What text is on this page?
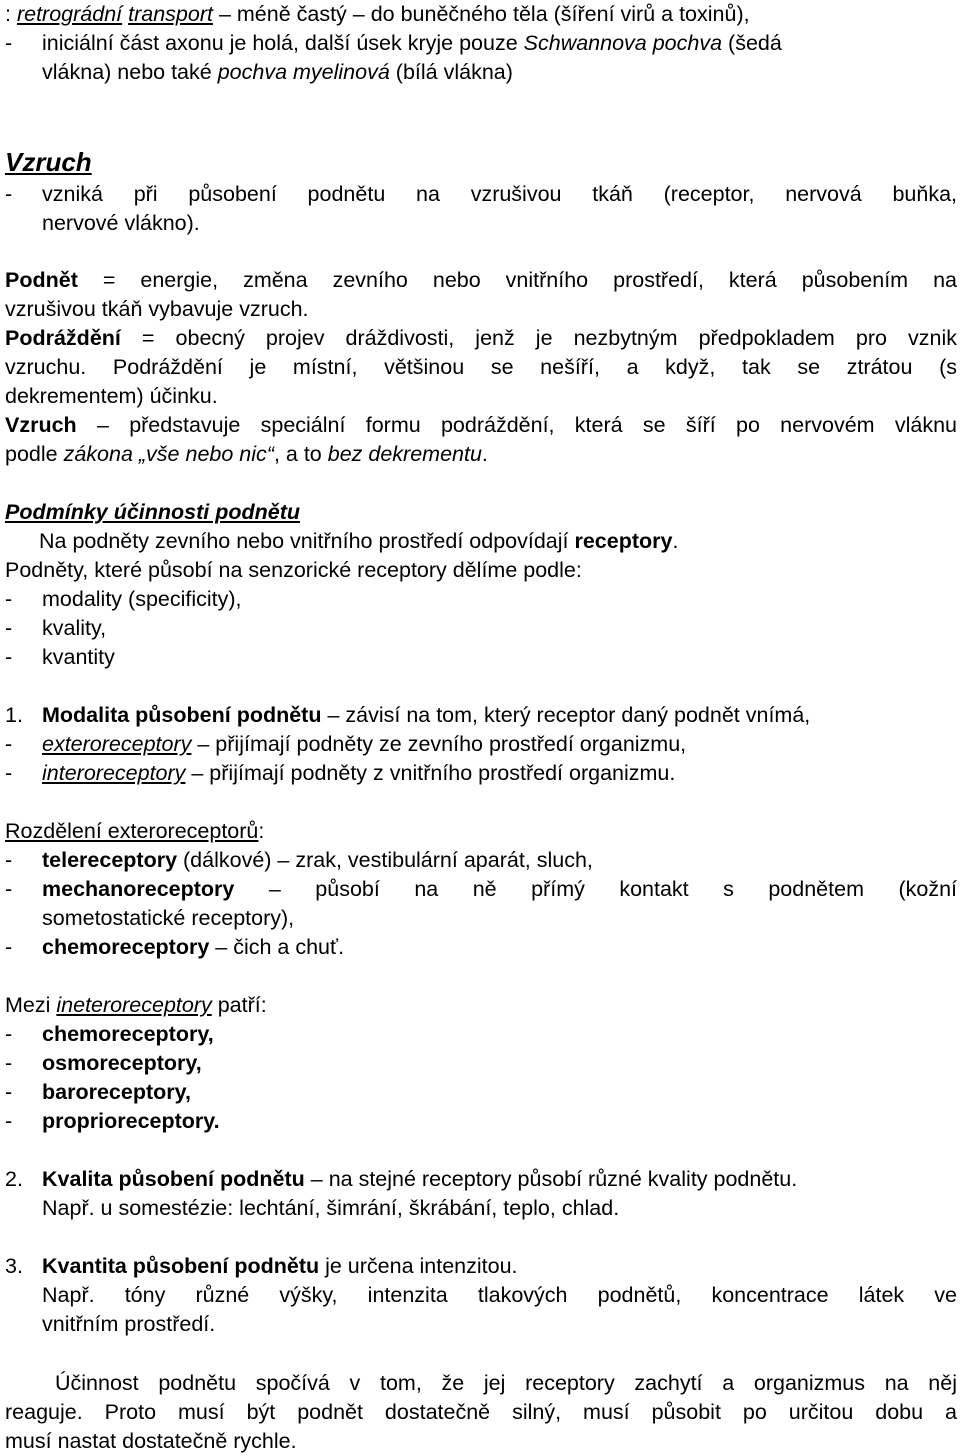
: retrográdní transport – méně častý – do buněčného těla (šíření virů a toxinů),
- iniciální část axonu je holá, další úsek kryje pouze Schwannova pochva (šedá
vlákna) nebo také pochva myelinová (bílá vlákna)
Vzruch
- vzniká při působení podnětu na vzrušivou tkáň (receptor, nervová buňka,
nervové vlákno).
Podnět = energie, změna zevního nebo vnitřního prostředí, která působením na
vzrušivou tkáň vybavuje vzruch.
Podráždění = obecný projev dráždivosti, jenž je nezbytným předpokladem pro vznik
vzruchu. Podráždění je místní, většinou se nešíří, a když, tak se ztrátou (s
dekrementem) účinku.
Vzruch – představuje speciální formu podráždění, která se šíří po nervovém vláknu
podle zákona „vše nebo nic“, a to bez dekrementu.
Podmínky účinnosti podnětu
Na podněty zevního nebo vnitřního prostředí odpovídají receptory.
Podněty, které působí na senzorické receptory dělíme podle:
- modality (specificity),
- kvality,
- kvantity
1. Modalita působení podnětu – závisí na tom, který receptor daný podnět vnímá,
- exteroreceptory – přijímají podněty ze zevního prostředí organizmu,
- interoreceptory – přijímají podněty z vnitřního prostředí organizmu.
Rozdělení exteroreceptorů:
- telereceptory (dálkové) – zrak, vestibulární aparát, sluch,
- mechanoreceptory – působí na ně přímý kontakt s podnětem (kožní
sometostatické receptory),
- chemoreceptory – čich a chuť.
Mezi ineteroreceptory patří:
- chemoreceptory,
- osmoreceptory,
- baroreceptory,
- proprioreceptory.
2. Kvalita působení podnětu – na stejné receptory působí různé kvality podnětu.
Např. u somestézie: lechtání, šimrání, škrábání, teplo, chlad.
3. Kvantita působení podnětu je určena intenzitou.
Např. tóny různé výšky, intenzita tlakových podnětů, koncentrace látek ve
vnitřním prostředí.
Účinnost podnětu spočívá v tom, že jej receptory zachytí a organizmus na něj
reaguje. Proto musí být podnět dostatečně silný, musí působit po určitou dobu a
musí nastat dostatečně rychle.
